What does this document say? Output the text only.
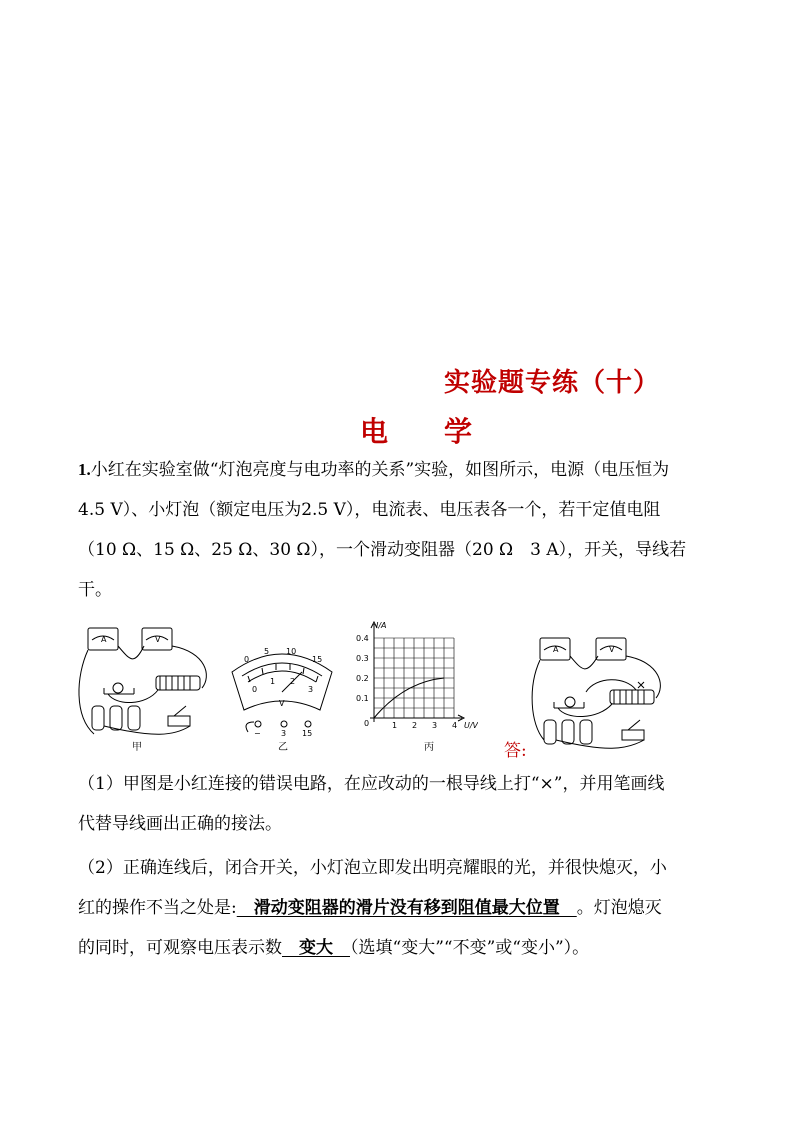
实验题专练（十）
电 学
1.小红在实验室做“灯泡亮度与电功率的关系”实验，如图所示，电源（电压恒为
4.5 V）、小灯泡（额定电压为2.5 V），电流表、电压表各一个，若干定值电阻
（10 Ω、15 Ω、25 Ω、30 Ω），一个滑动变阻器（20 Ω　3 A），开关，导线若
干。
A	V
甲
0
5 10
15
0
1 2
3
V
−	3 15
乙
I/A
U/V
0
0.1
0.2
0.3
0.4
1 2 3 4
丙
A	V
答:
（1）甲图是小红连接的错误电路，在应改动的一根导线上打“×”，并用笔画线
代替导线画出正确的接法。
（2）正确连线后，闭合开关，小灯泡立即发出明亮耀眼的光，并很快熄灭，小
红的操作不当之处是:　滑动变阻器的滑片没有移到阻值最大位置　。灯泡熄灭
的同时，可观察电压表示数　变大　（选填“变大”“不变”或“变小”）。
